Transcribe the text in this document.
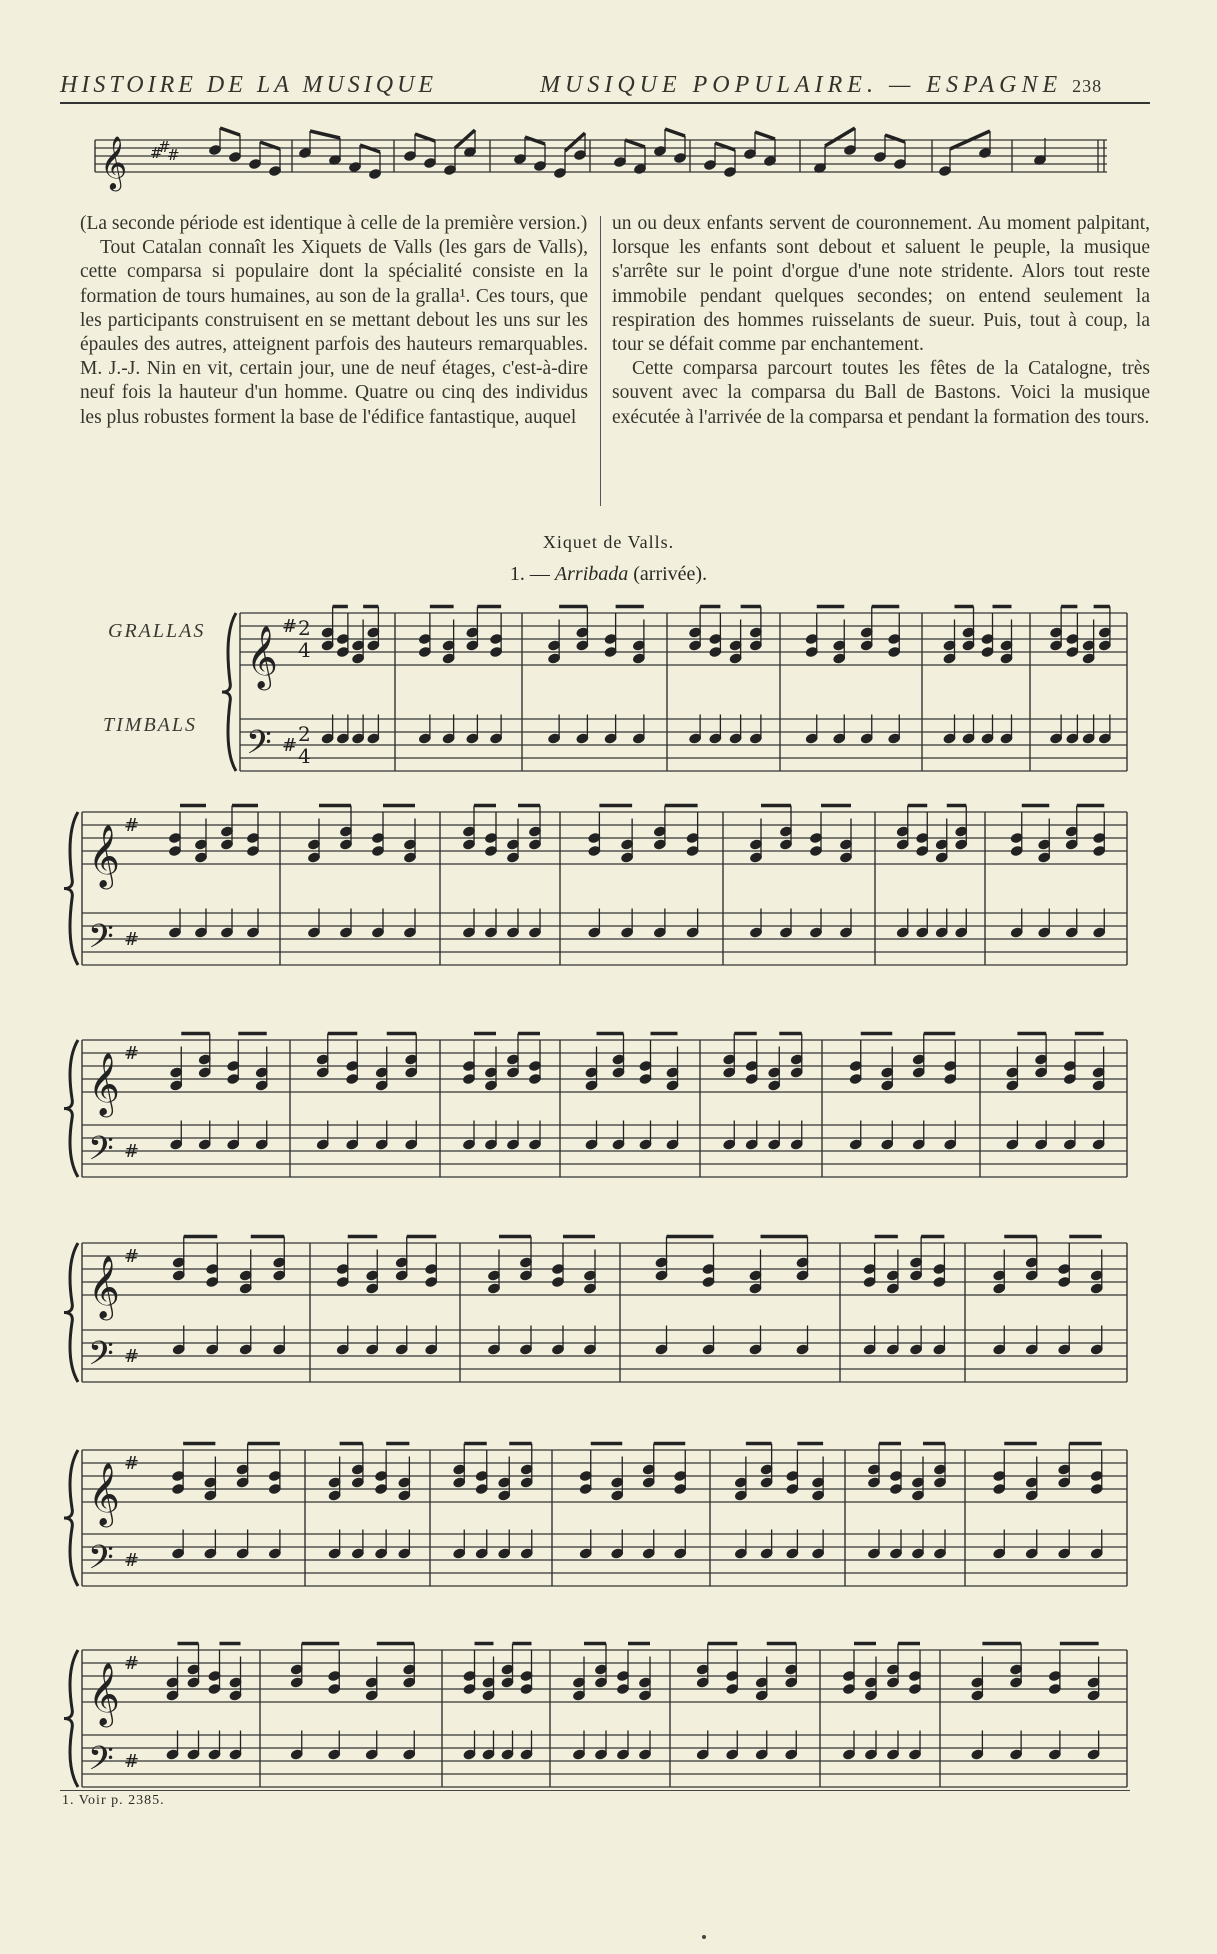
HISTOIRE DE LA MUSIQUE	MUSIQUE POPULAIRE. — ESPAGNE 238
𝄞 #
#
#
𝄞
𝄢
#
#
2
4
2
4
𝄞
𝄢
#
#
𝄞
𝄢
#
#
𝄞
𝄢
#
#
𝄞
𝄢
#
#
𝄞
𝄢
#
#

(La seconde période est identique à celle de la première version.)

Tout Catalan connaît les Xiquets de Valls (les gars de Valls), cette comparsa si populaire dont la spécialité consiste en la formation de tours humaines, au son de la gralla¹. Ces tours, que les participants construisent en se mettant debout les uns sur les épaules des autres, atteignent parfois des hauteurs remarquables. M. J.-J. Nin en vit, certain jour, une de neuf étages, c'est-à-dire neuf fois la hauteur d'un homme. Quatre ou cinq des individus les plus robustes forment la base de l'édifice fantastique, auquel

un ou deux enfants servent de couronnement. Au moment palpitant, lorsque les enfants sont debout et saluent le peuple, la musique s'arrête sur le point d'orgue d'une note stridente. Alors tout reste immobile pendant quelques secondes; on entend seulement la respiration des hommes ruisselants de sueur. Puis, tout à coup, la tour se défait comme par enchantement.

Cette comparsa parcourt toutes les fêtes de la Catalogne, très souvent avec la comparsa du Ball de Bastons. Voici la musique exécutée à l'arrivée de la comparsa et pendant la formation des tours.

Xiquet de Valls.
1. — Arribada (arrivée).
GRALLAS
TIMBALS
1. Voir p. 2385.
